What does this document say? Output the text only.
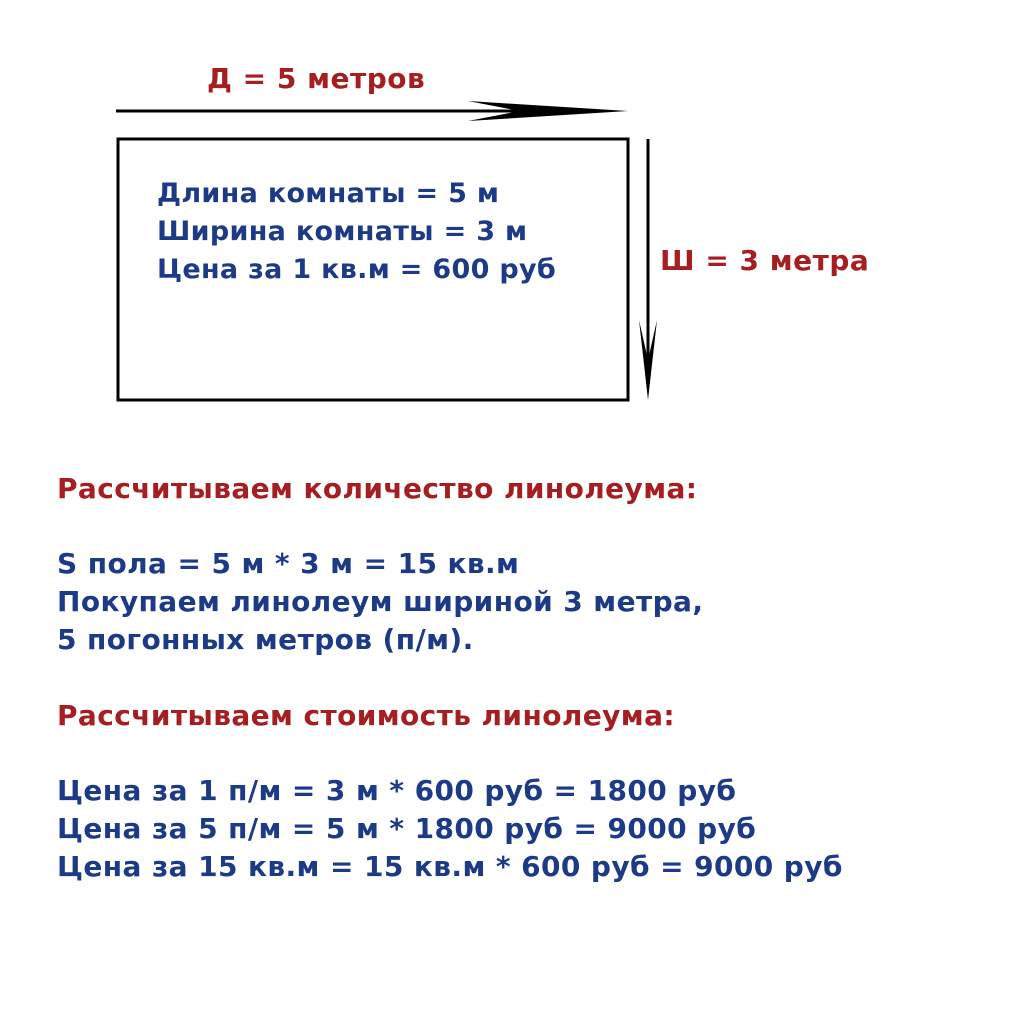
Д = 5 метров
Ш = 3 метра
Длина комнаты = 5 м
Ширина комнаты = 3 м
Цена за 1 кв.м = 600 руб
Рассчитываем количество линолеума:
S пола = 5 м * 3 м = 15 кв.м
Покупаем линолеум шириной 3 метра,
5 погонных метров (п/м).
Рассчитываем стоимость линолеума:
Цена за 1 п/м = 3 м * 600 руб = 1800 руб
Цена за 5 п/м = 5 м * 1800 руб = 9000 руб
Цена за 15 кв.м = 15 кв.м * 600 руб = 9000 руб
